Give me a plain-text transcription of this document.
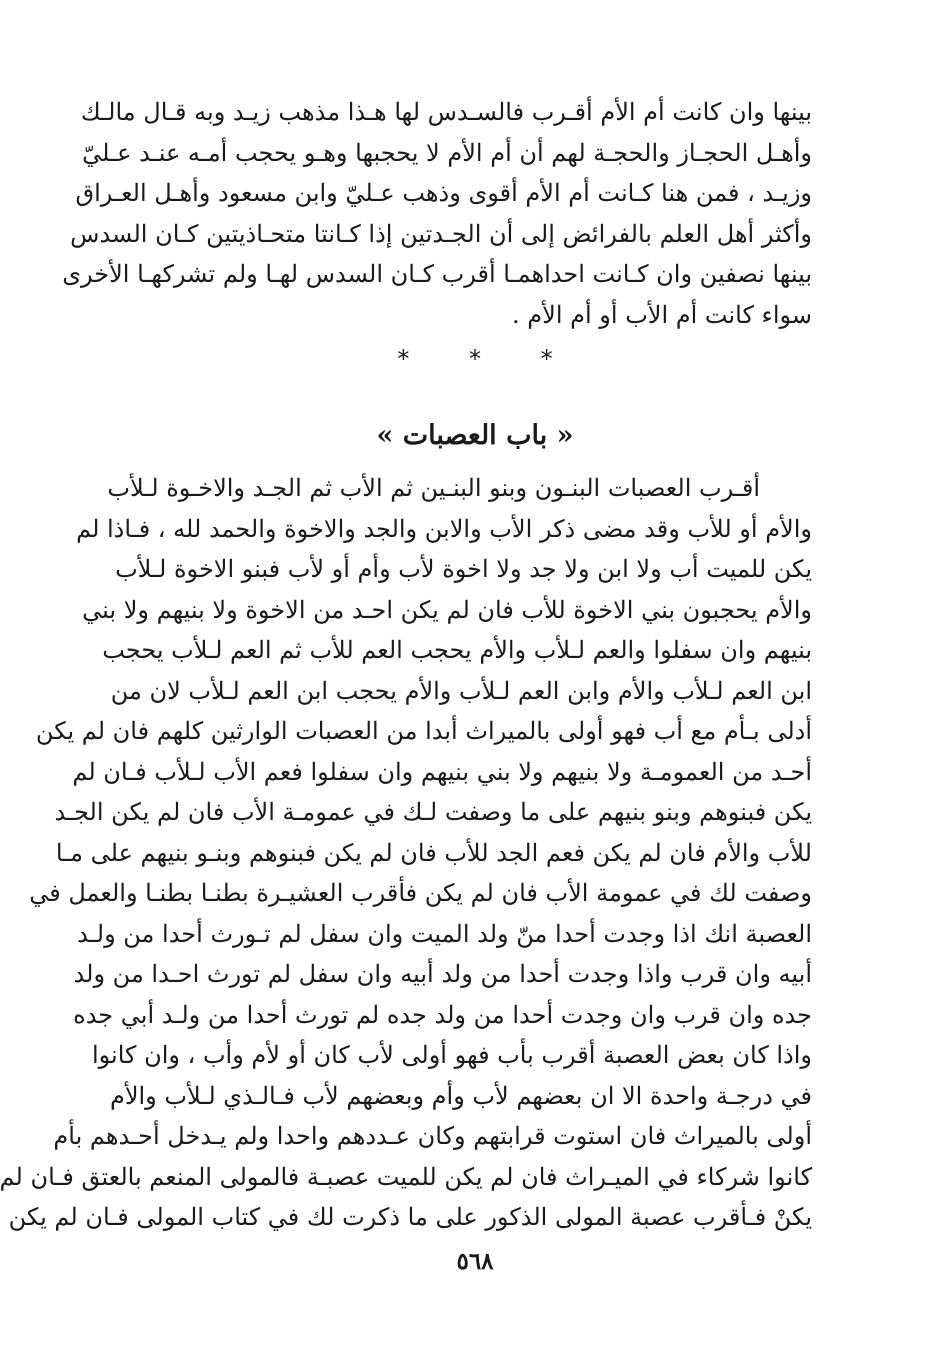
بينها وان كانت أم الأم أقـرب فالسـدس لها هـذا مذهب زيـد وبه قـال مالـك
وأهـل الحجـاز والحجـة لهم أن أم الأم لا يحجبها وهـو يحجب أمـه عنـد عـليّ
وزيـد ، فمن هنا كـانت أم الأم أقوى وذهب عـليّ وابن مسعود وأهـل العـراق
وأكثر أهل العلم بالفرائض إلى أن الجـدتين إذا كـانتا متحـاذيتين كـان السدس
بينها نصفين وان كـانت احداهمـا أقرب كـان السدس لهـا ولم تشركهـا الأخرى
سواء كانت أم الأب أو أم الأم .
* * *
« باب العصبات »
أقـرب العصبات البنـون وبنو البنـين ثم الأب ثم الجـد والاخـوة لـلأب
والأم أو للأب وقد مضى ذكر الأب والابن والجد والاخوة والحمد لله ، فـاذا لم
يكن للميت أب ولا ابن ولا جد ولا اخوة لأب وأم أو لأب فبنو الاخوة لـلأب
والأم يحجبون بني الاخوة للأب فان لم يكن احـد من الاخوة ولا بنيهم ولا بني
بنيهم وان سفلوا والعم لـلأب والأم يحجب العم للأب ثم العم لـلأب يحجب
ابن العم لـلأب والأم وابن العم لـلأب والأم يحجب ابن العم لـلأب لان من
أدلى بـأم مع أب فهو أولى بالميراث أبدا من العصبات الوارثين كلهم فان لم يكن
أحـد من العمومـة ولا بنيهم ولا بني بنيهم وان سفلوا فعم الأب لـلأب فـان لم
يكن فبنوهم وبنو بنيهم على ما وصفت لـك في عمومـة الأب فان لم يكن الجـد
للأب والأم فان لم يكن فعم الجد للأب فان لم يكن فبنوهم وبنـو بنيهم على مـا
وصفت لك في عمومة الأب فان لم يكن فأقرب العشيـرة بطنـا بطنـا والعمل في
العصبة انك اذا وجدت أحدا منّ ولد الميت وان سفل لم تـورث أحدا من ولـد
أبيه وان قرب واذا وجدت أحدا من ولد أبيه وان سفل لم تورث احـدا من ولد
جده وان قرب وان وجدت أحدا من ولد جده لم تورث أحدا من ولـد أبي جده
واذا كان بعض العصبة أقرب بأب فهو أولى لأب كان أو لأم وأب ، وان كانوا
في درجـة واحدة الا ان بعضهم لأب وأم وبعضهم لأب فـالـذي لـلأب والأم
أولى بالميراث فان استوت قرابتهم وكان عـددهم واحدا ولم يـدخل أحـدهم بأم
كانوا شركاء في الميـراث فان لم يكن للميت عصبـة فالمولى المنعم بالعتق فـان لم
يكنْ فـأقرب عصبة المولى الذكور على ما ذكرت لك في كتاب المولى فـان لم يكن
٥٦٨
